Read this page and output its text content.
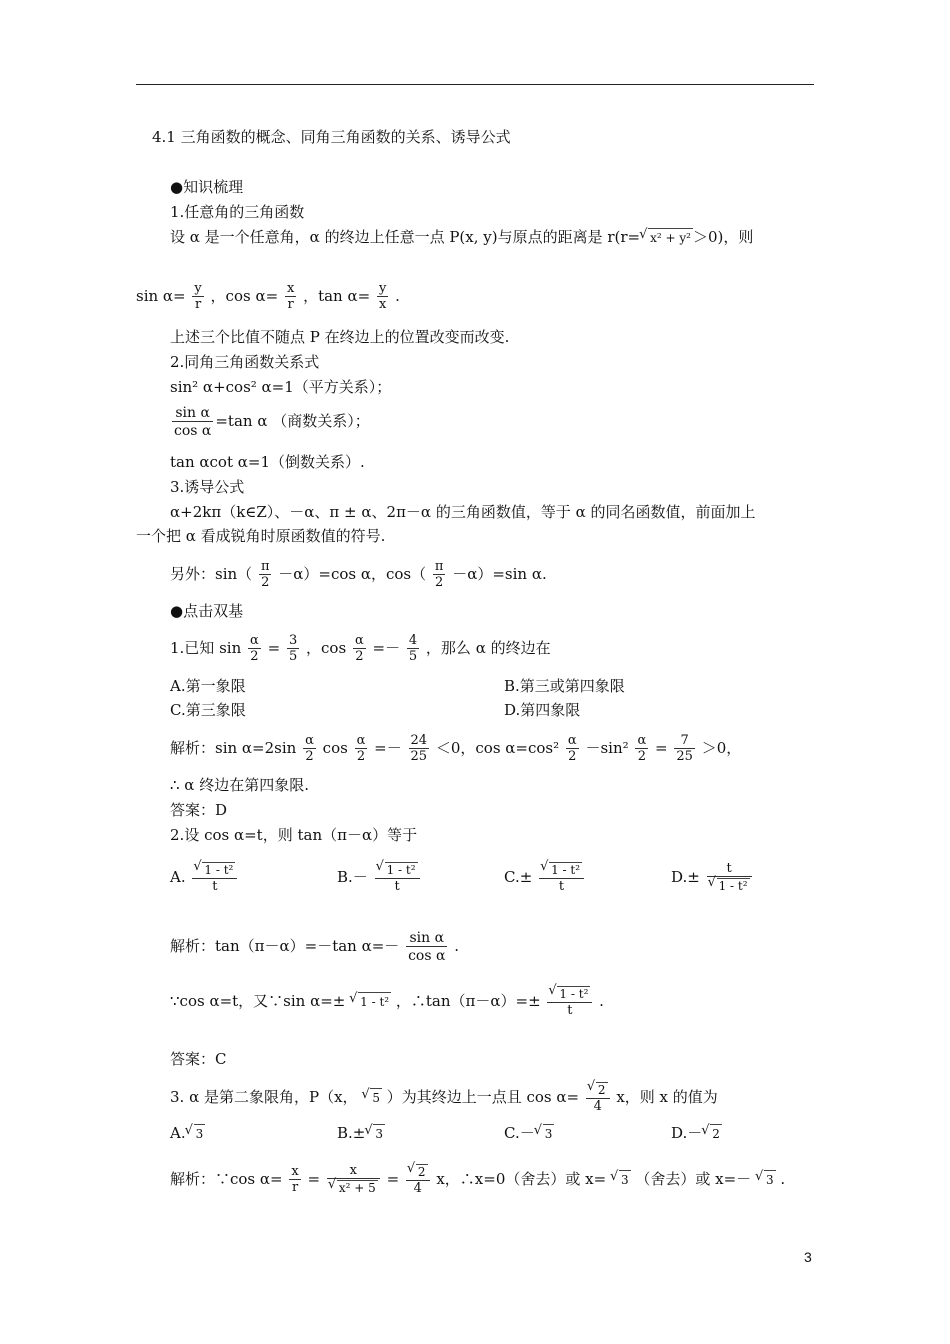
4.1 三角函数的概念、同角三角函数的关系、诱导公式
●知识梳理
1.任意角的三角函数
设 α 是一个任意角，α 的终边上任意一点 P(x, y)与原点的距离是 r(r= √ x² + y² ＞0)，则
$\sin \alpha= \frac{y}{r}$ ，$\cos \alpha= \frac{x}{r}$ ，$\tan \alpha= \frac{y}{x}$ .
上述三个比值不随点 P 在终边上的位置改变而改变.
2.同角三角函数关系式
sin² α+cos² α=1（平方关系）；
$\frac{\text{sin α}}{\text{cos α}} =\tan$ α （商数关系）；
tan αcot α=1（倒数关系）.
3.诱导公式
α+2kπ（k∈Z）、－α、π ± α、2π－α 的三角函数值，等于 α 的同名函数值，前面加上
一个把 α 看成锐角时原函数值的符号.
另外：$\sin( \frac{\pi}{2} -\alpha)=\cos$ α，$\cos( \frac{\pi}{2} -\alpha)=\sin$ α.
●点击双基
1.已知 $\sin \frac{\alpha}{2} = \frac{3}{5}$ ，$\cos \frac{\alpha}{2} =- \frac{4}{5}$ ，那么 α 的终边在
A.第一象限	B.第三或第四象限
C.第三象限	D.第四象限
解析：$\sin \alpha=2\sin \frac{\alpha}{2}$ $\cos \frac{\alpha}{2} =- \frac{24}{25} <0$，$\cos \alpha=\cos^2 \frac{\alpha}{2} -\sin^2 \frac{\alpha}{2} = \frac{7}{25} >0$，
∴ α 终边在第四象限.
答案：D
2.设 cos α=t，则 tan（π－α）等于
A. √ $\frac{\text{1 - t²}}{t}$	B.－ √ $\frac{\text{1 - t²}}{t}$	C.± √ $\frac{\text{1 - t²}}{t}$	D.± t
√ 1 - t²
解析：tan（π－α）=－tan $\alpha=- \frac{\text{sin α}}{\text{cos α}}$ .
∵cos α=t，又∵sin α=± √ 1 - t² ，∴tan（π－α）=± √ $\frac{\text{1 - t²}}{t}$ .
答案：C
3. α 是第二象限角，P（x， √ 5 ）为其终边上一点且 cos α= √ $\frac{2}{4}$ x，则 x 的值为
A. √ 3	B.± √ 3	C.－ √ 3	D.－ √ 2
解析：∵cos $\alpha= \frac{x}{r} = x$
√ x² + 5 = √ $\frac{2}{4}$ x，∴x=0（舍去）或 x= √ 3 （舍去）或 x=－ √ 3 .
3
